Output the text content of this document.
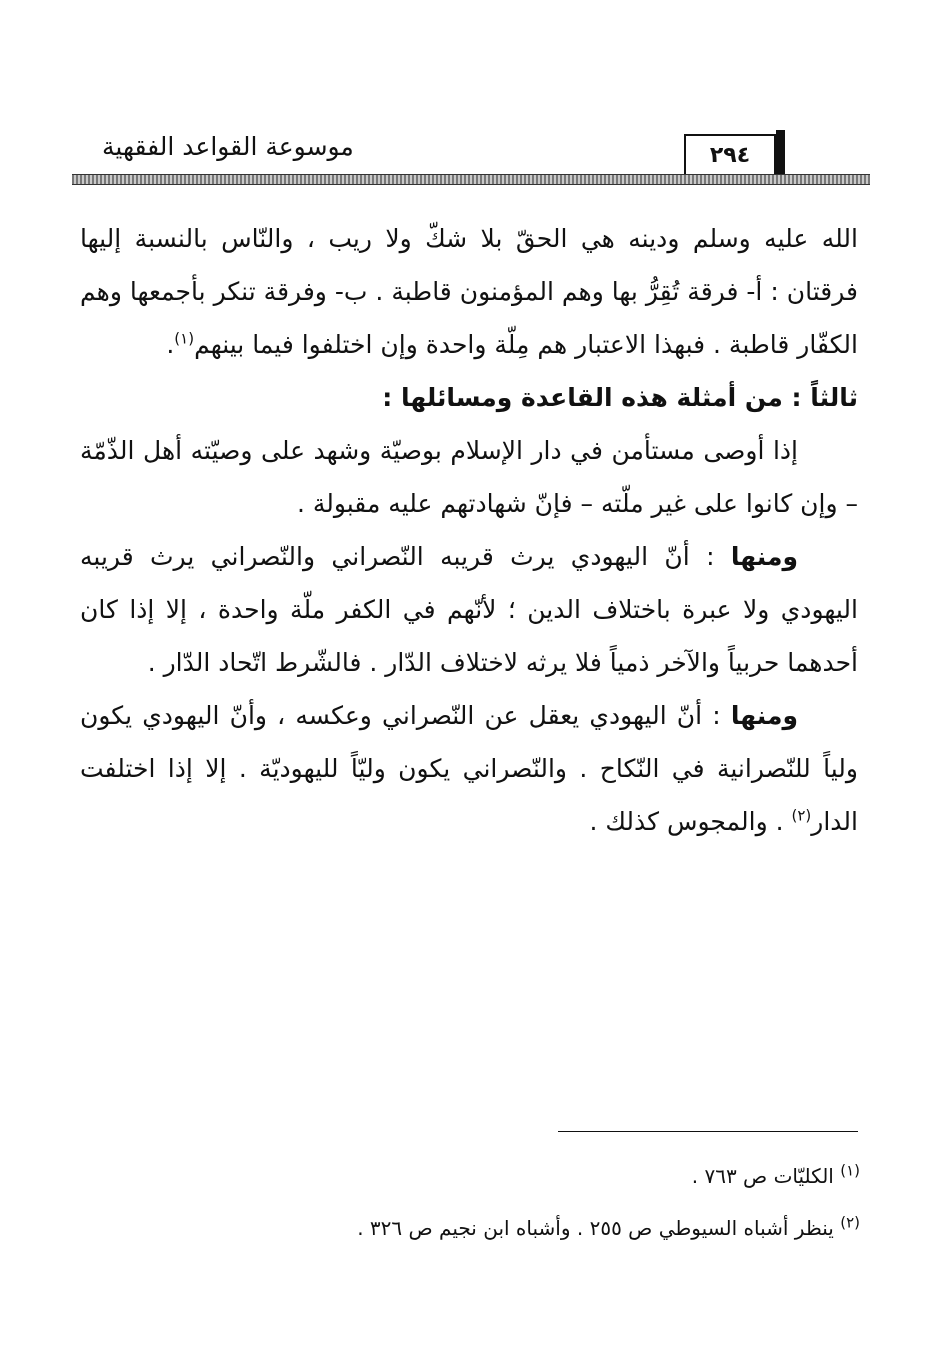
موسوعة القواعد الفقهية	٢٩٤

الله عليه وسلم ودينه هي الحقّ بلا شكّ ولا ريب ، والنّاس بالنسبة إليها فرقتان : أ- فرقة تُقِرُّ بها وهم المؤمنون قاطبة . ب- وفرقة تنكر بأجمعها وهم الكفّار قاطبة . فبهذا الاعتبار هم مِلّة واحدة وإن اختلفوا فيما بينهم$^{(١)}$.

ثالثاً : من أمثلة هذه القاعدة ومسائلها :

إذا أوصى مستأمن في دار الإسلام بوصيّة وشهد على وصيّته أهل الذّمّة – وإن كانوا على غير ملّته – فإنّ شهادتهم عليه مقبولة .

ومنها : أنّ اليهودي يرث قريبه النّصراني والنّصراني يرث قريبه اليهودي ولا عبرة باختلاف الدين ؛ لأنّهم في الكفر ملّة واحدة ، إلا إذا كان أحدهما حربياً والآخر ذمياً فلا يرثه لاختلاف الدّار . فالشّرط اتّحاد الدّار .

ومنها : أنّ اليهودي يعقل عن النّصراني وعكسه ، وأنّ اليهودي يكون ولياً للنّصرانية في النّكاح . والنّصراني يكون وليّاً لليهوديّة . إلا إذا اختلفت الدار$^{(٢)}$ . والمجوس كذلك .

$^{(١)}$ الكليّات ص ٧٦٣ .

$^{(٢)}$ ينظر أشباه السيوطي ص ٢٥٥ . وأشباه ابن نجيم ص ٣٢٦ .
